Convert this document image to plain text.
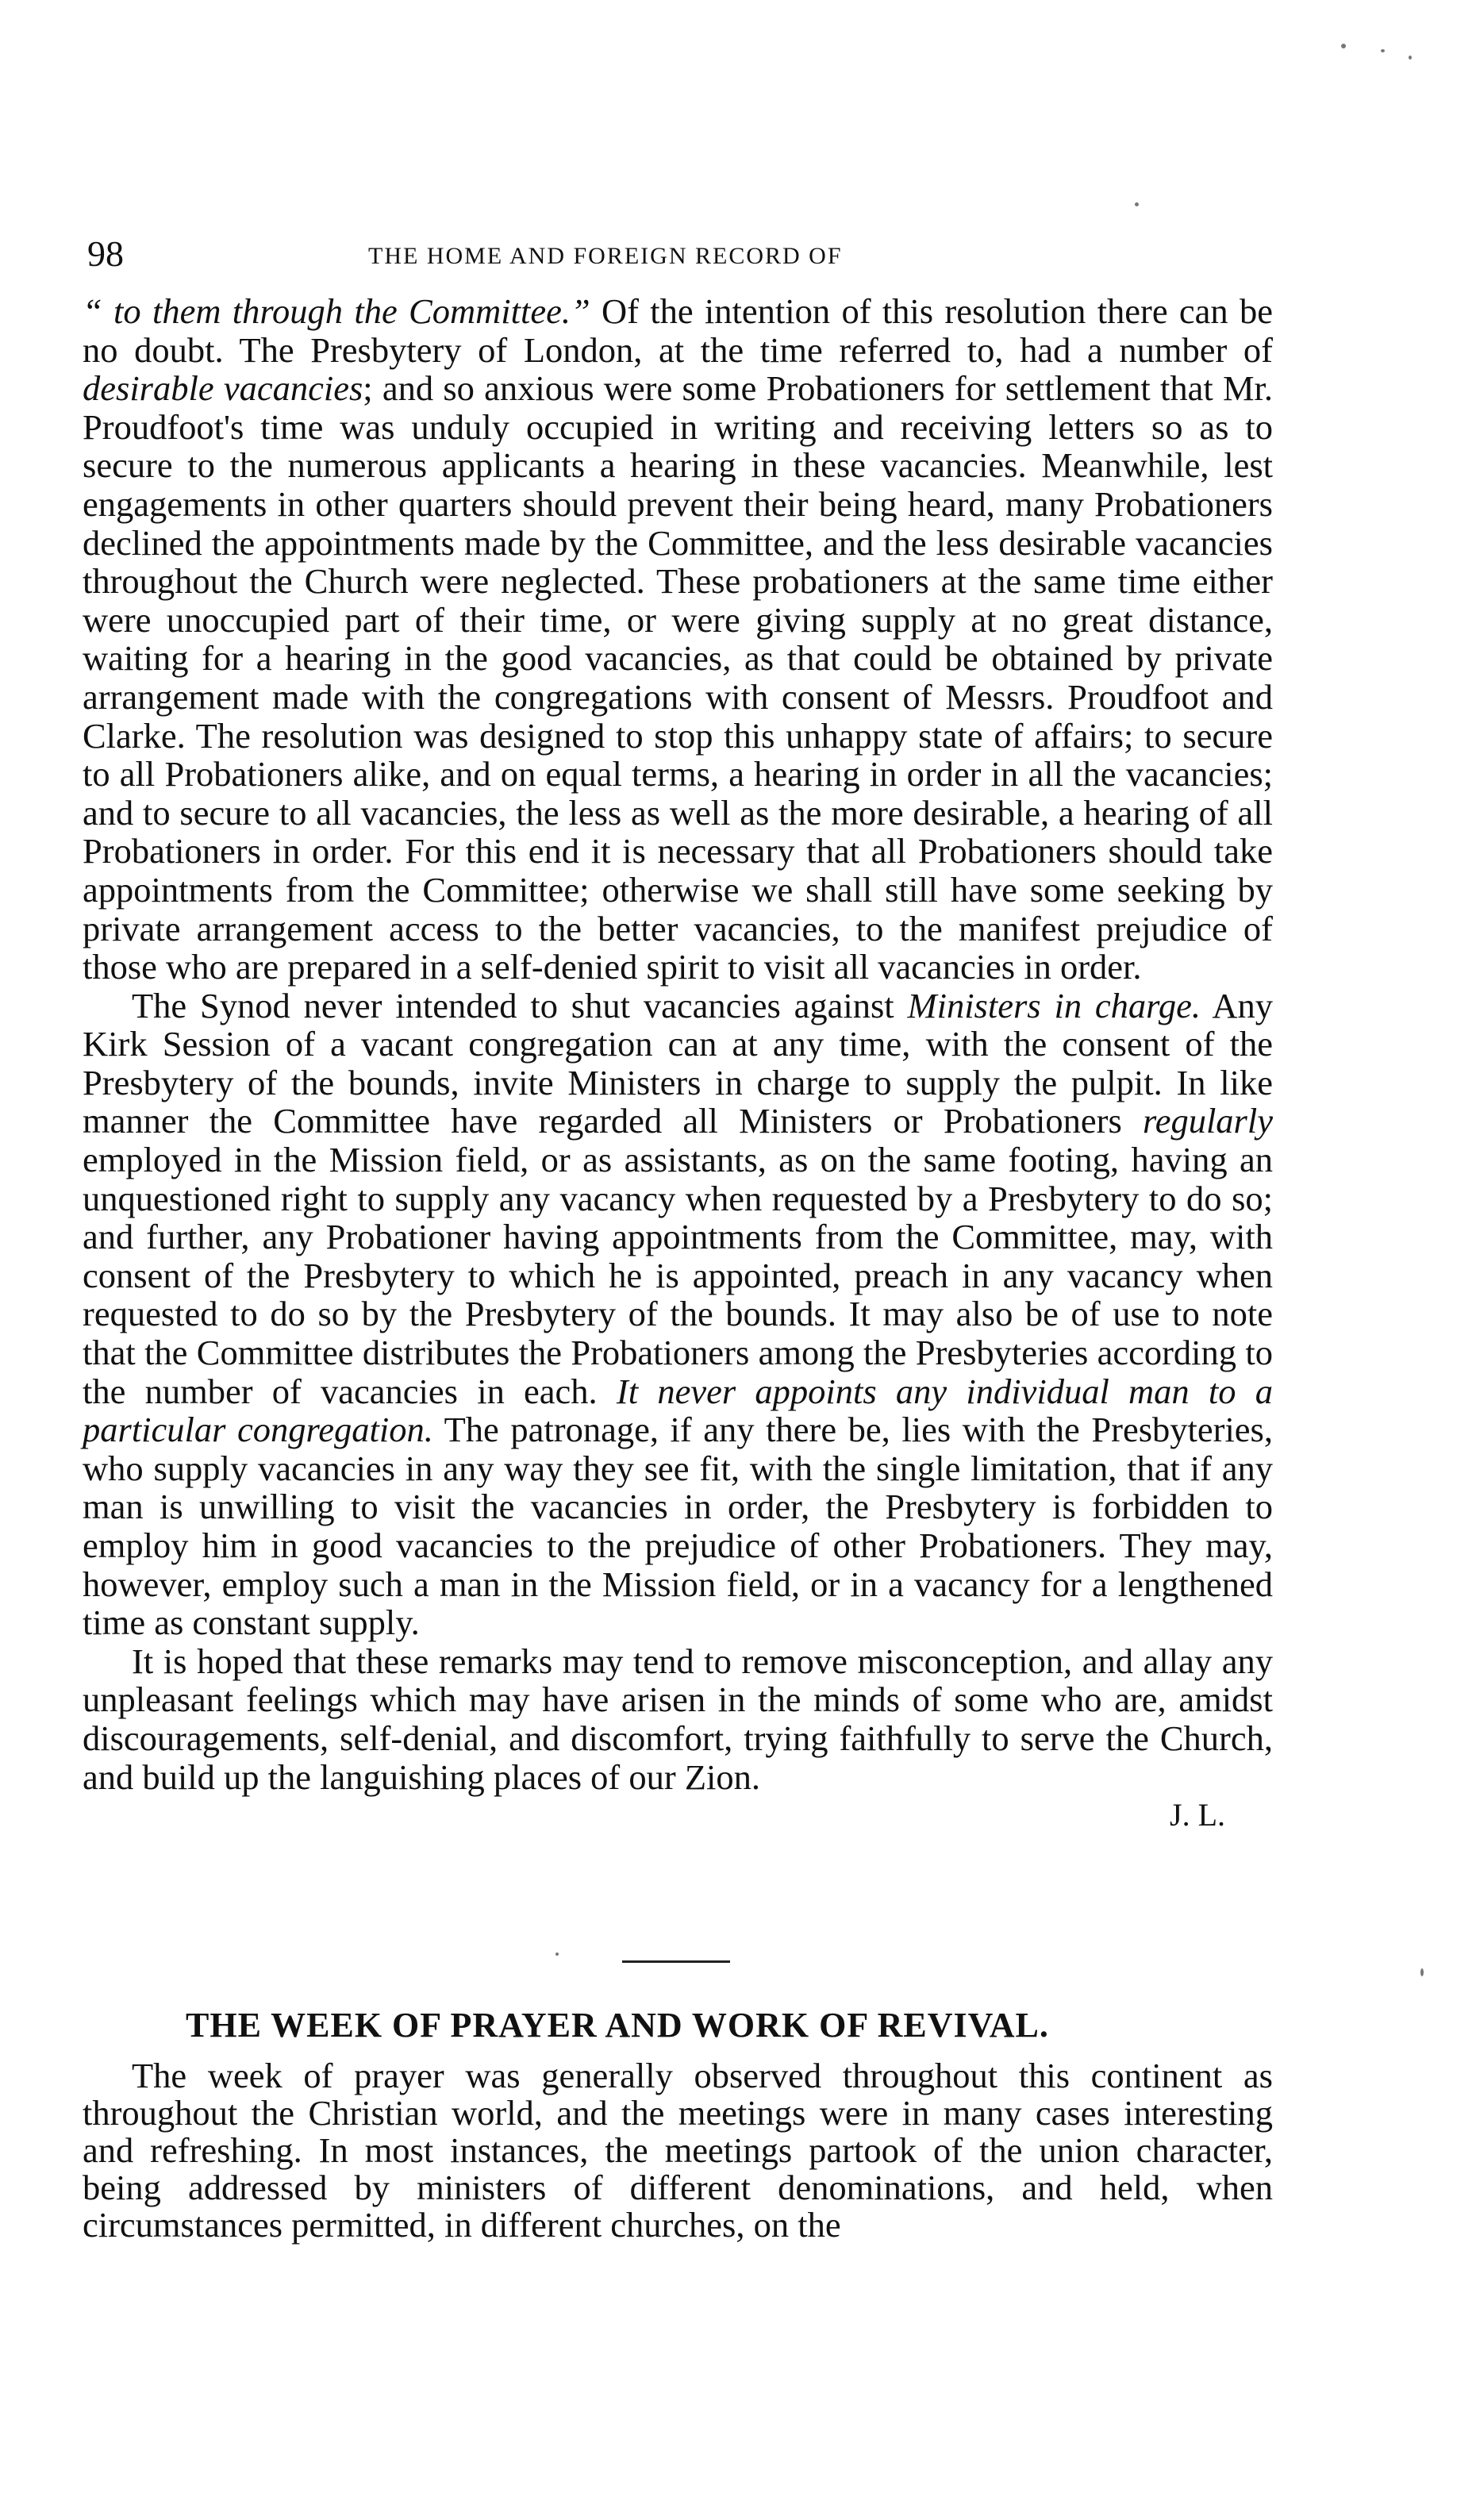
98	THE HOME AND FOREIGN RECORD OF

“ to them through the Committee.” Of the intention of this resolution there can be no doubt. The Presbytery of London, at the time referred to, had a number of desirable vacancies; and so anxious were some Probationers for settlement that Mr. Proudfoot's time was unduly occupied in writing and receiving letters so as to secure to the numerous applicants a hearing in these vacancies. Meanwhile, lest engagements in other quarters should prevent their being heard, many Probationers declined the appointments made by the Committee, and the less desirable vacancies throughout the Church were neglected. These probationers at the same time either were unoccupied part of their time, or were giving supply at no great distance, waiting for a hearing in the good vacancies, as that could be obtained by private arrangement made with the congregations with consent of Messrs. Proudfoot and Clarke. The resolution was designed to stop this unhappy state of affairs; to secure to all Probationers alike, and on equal terms, a hearing in order in all the vacancies; and to secure to all vacancies, the less as well as the more desirable, a hearing of all Probationers in order. For this end it is necessary that all Probationers should take appointments from the Committee; otherwise we shall still have some seeking by private arrangement access to the better vacancies, to the manifest prejudice of those who are prepared in a self-denied spirit to visit all vacancies in order.

The Synod never intended to shut vacancies against Ministers in charge. Any Kirk Session of a vacant congregation can at any time, with the consent of the Presbytery of the bounds, invite Ministers in charge to supply the pulpit. In like manner the Committee have regarded all Ministers or Probationers regularly employed in the Mission field, or as assistants, as on the same footing, having an unquestioned right to supply any vacancy when requested by a Presbytery to do so; and further, any Probationer having appointments from the Committee, may, with consent of the Presbytery to which he is appointed, preach in any vacancy when requested to do so by the Presbytery of the bounds. It may also be of use to note that the Committee distributes the Probationers among the Presbyteries according to the number of vacancies in each. It never appoints any individual man to a particular congregation. The patronage, if any there be, lies with the Presbyteries, who supply vacancies in any way they see fit, with the single limitation, that if any man is unwilling to visit the vacancies in order, the Presbytery is forbidden to employ him in good vacancies to the prejudice of other Probationers. They may, however, employ such a man in the Mission field, or in a vacancy for a lengthened time as constant supply.

It is hoped that these remarks may tend to remove misconception, and allay any unpleasant feelings which may have arisen in the minds of some who are, amidst discouragements, self-denial, and discomfort, trying faithfully to serve the Church, and build up the languishing places of our Zion.

J. L.
THE WEEK OF PRAYER AND WORK OF REVIVAL.

The week of prayer was generally observed throughout this continent as throughout the Christian world, and the meetings were in many cases interesting and refreshing. In most instances, the meetings partook of the union character, being addressed by ministers of different denominations, and held, when circumstances permitted, in different churches, on the
